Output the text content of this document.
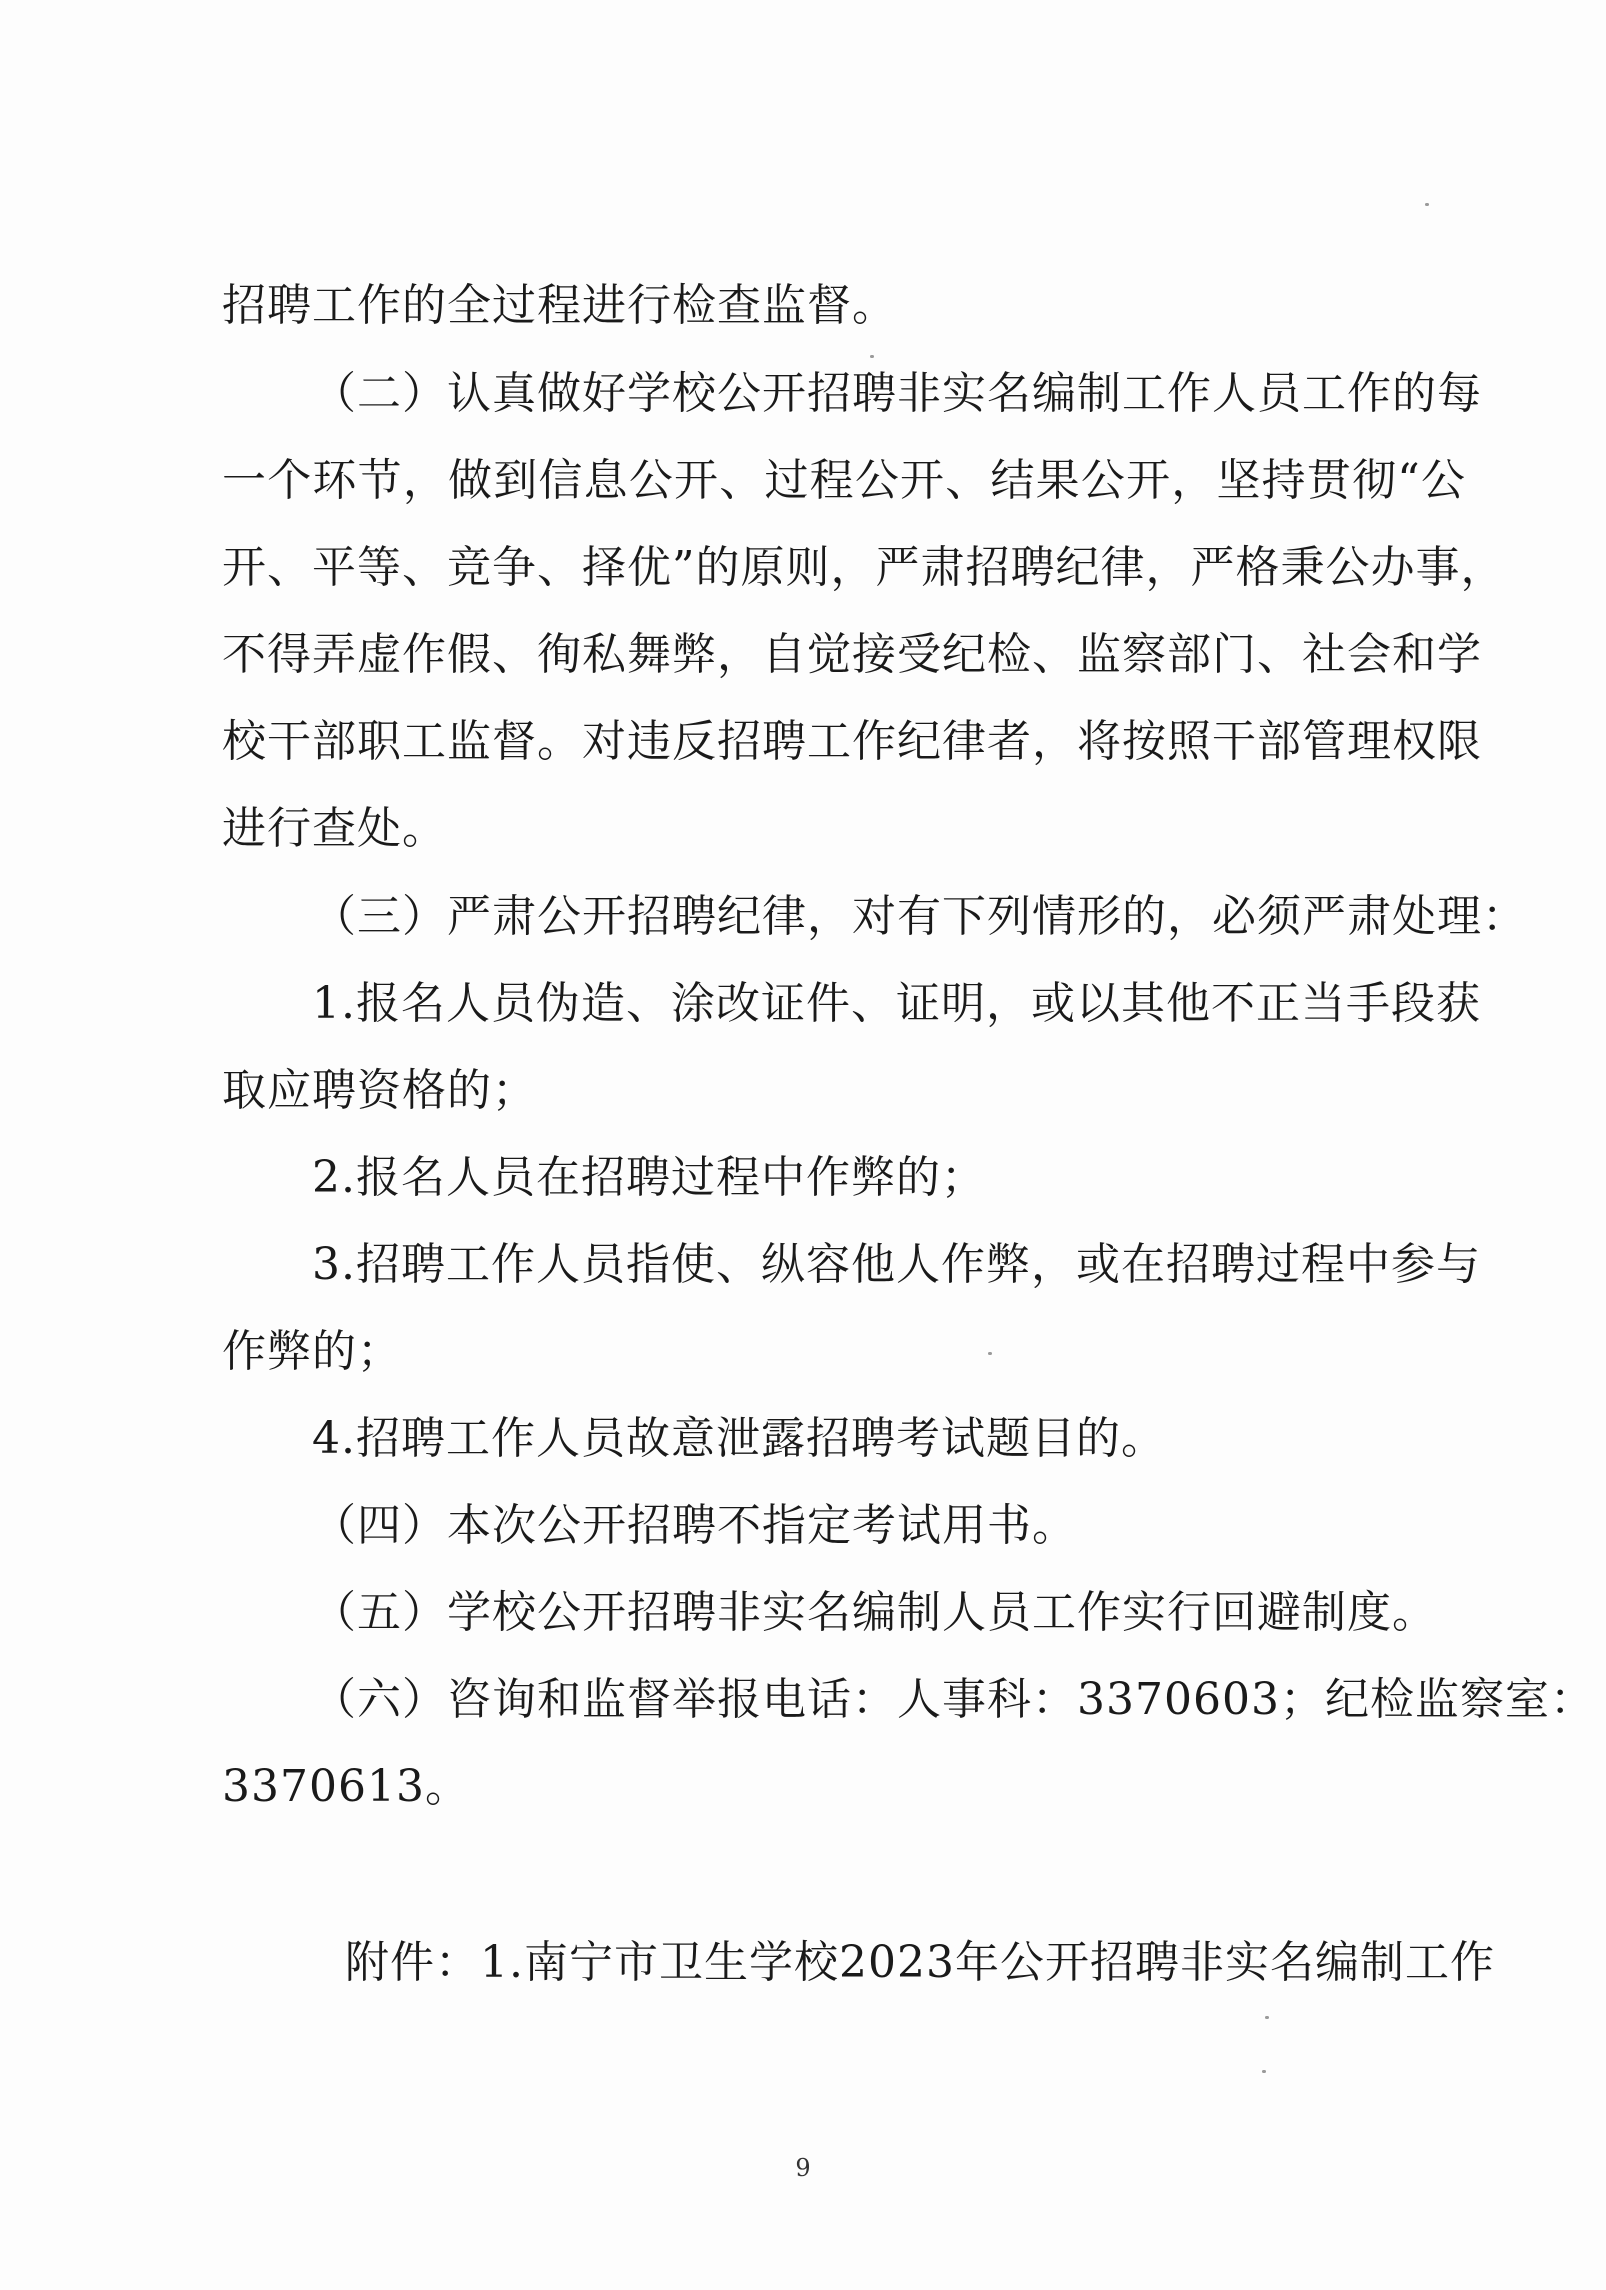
招聘工作的全过程进行检查监督。
（二）认真做好学校公开招聘非实名编制工作人员工作的每
一个环节，做到信息公开、过程公开、结果公开，坚持贯彻“公
开、平等、竞争、择优”的原则，严肃招聘纪律，严格秉公办事，
不得弄虚作假、徇私舞弊，自觉接受纪检、监察部门、社会和学
校干部职工监督。对违反招聘工作纪律者，将按照干部管理权限
进行查处。
（三）严肃公开招聘纪律，对有下列情形的，必须严肃处理：
1.报名人员伪造、涂改证件、证明，或以其他不正当手段获
取应聘资格的；
2.报名人员在招聘过程中作弊的；
3.招聘工作人员指使、纵容他人作弊，或在招聘过程中参与
作弊的；
4.招聘工作人员故意泄露招聘考试题目的。
（四）本次公开招聘不指定考试用书。
（五）学校公开招聘非实名编制人员工作实行回避制度。
（六）咨询和监督举报电话：人事科：3370603；纪检监察室：
3370613。
附件：1.南宁市卫生学校2023年公开招聘非实名编制工作
9
